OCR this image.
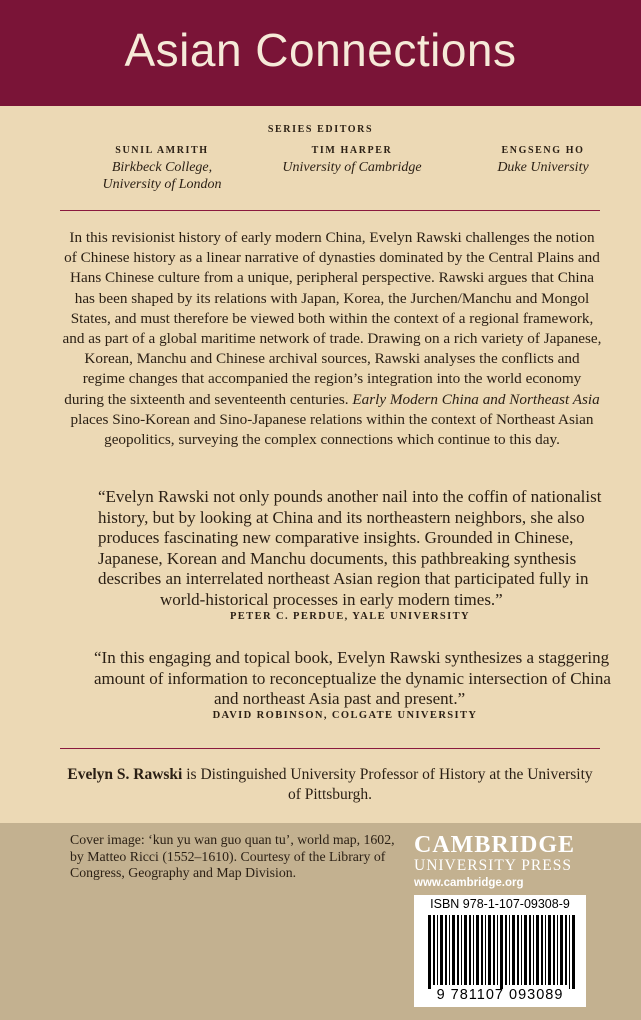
Asian Connections
SERIES EDITORS
SUNIL AMRITH
Birkbeck College,
University of London
TIM HARPER
University of Cambridge
ENGSENG HO
Duke University
In this revisionist history of early modern China, Evelyn Rawski challenges the notion of Chinese history as a linear narrative of dynasties dominated by the Central Plains and Hans Chinese culture from a unique, peripheral perspective. Rawski argues that China has been shaped by its relations with Japan, Korea, the Jurchen/Manchu and Mongol States, and must therefore be viewed both within the context of a regional framework, and as part of a global maritime network of trade. Drawing on a rich variety of Japanese, Korean, Manchu and Chinese archival sources, Rawski analyses the conflicts and regime changes that accompanied the region’s integration into the world economy during the sixteenth and seventeenth centuries. Early Modern China and Northeast Asia places Sino-Korean and Sino-Japanese relations within the context of Northeast Asian geopolitics, surveying the complex connections which continue to this day.
“Evelyn Rawski not only pounds another nail into the coffin of nationalist
history, but by looking at China and its northeastern neighbors, she also
produces fascinating new comparative insights. Grounded in Chinese,
Japanese, Korean and Manchu documents, this pathbreaking synthesis
describes an interrelated northeast Asian region that participated fully in
world-historical processes in early modern times.”
PETER C. PERDUE, YALE UNIVERSITY
“In this engaging and topical book, Evelyn Rawski synthesizes a staggering
amount of information to reconceptualize the dynamic intersection of China
and northeast Asia past and present.”
DAVID ROBINSON, COLGATE UNIVERSITY
Evelyn S. Rawski is Distinguished University Professor of History at the University of Pittsburgh.
Cover image: ‘kun yu wan guo quan tu’, world map, 1602, by Matteo Ricci (1552–1610). Courtesy of the Library of Congress, Geography and Map Division.
CAMBRIDGE
UNIVERSITY PRESS
www.cambridge.org
ISBN 978-1-107-09308-9
9 781107 093089
